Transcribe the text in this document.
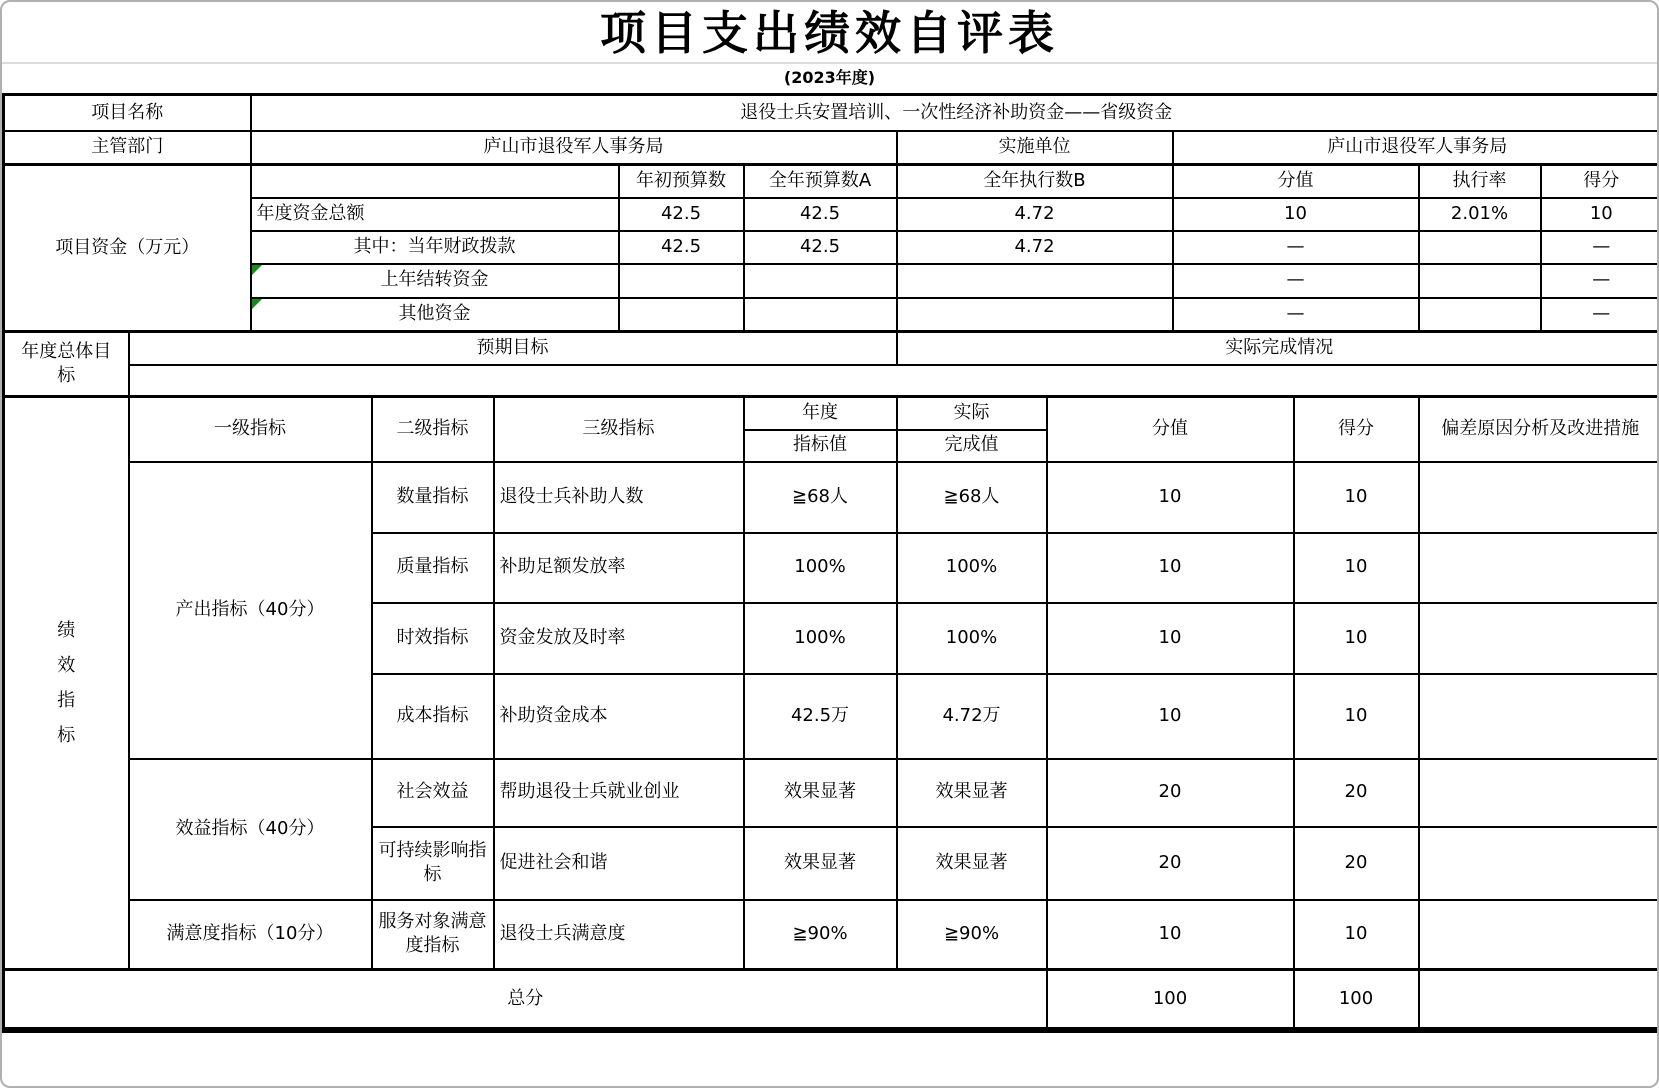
项目支出绩效自评表
(2023年度)
项目名称		退役士兵安置培训、一次性经济补助资金——省级资金										
主管部门		庐山市退役军人事务局					实施单位		庐山市退役军人事务局			
项目资金（万元）					年初预算数	全年预算数A	全年执行数B		分值		执行率	得分
		年度资金总额			42.5	42.5	4.72		10		2.01%	10
		其中：当年财政拨款			42.5	42.5	4.72		—			—
		上年结转资金							—			—
		其他资金							—			—
年度总体目标	预期目标						实际完成情况					

绩效指标	一级指标		二级指标	三级指标		年度	实际	分值		得分	偏差原因分析及改进措施	
						指标值	完成值					
	产出指标（40分）		数量指标	退役士兵补助人数		≧68人	≧68人	10		10		
			质量指标	补助足额发放率		100%	100%	10		10		
			时效指标	资金发放及时率		100%	100%	10		10		
			成本指标	补助资金成本		42.5万	4.72万	10		10		
	效益指标（40分）		社会效益	帮助退役士兵就业创业		效果显著	效果显著	20		20		
			可持续影响指标	促进社会和谐		效果显著	效果显著	20		20		
	满意度指标（10分）		服务对象满意度指标	退役士兵满意度		≧90%	≧90%	10		10		
总分								100		100		
